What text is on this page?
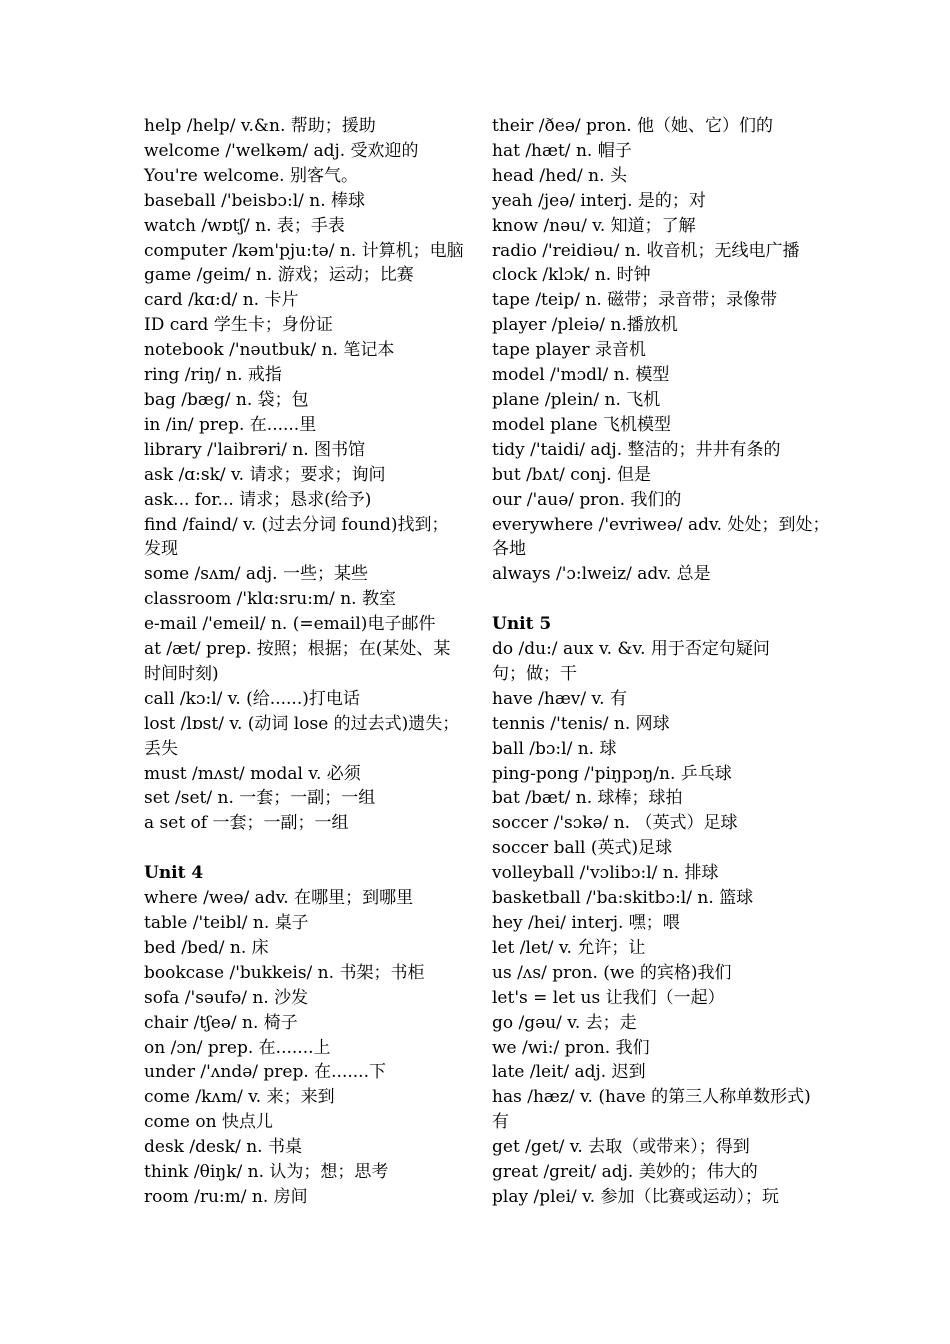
help /help/ v.&n. 帮助；援助
welcome /'welkəm/ adj. 受欢迎的
You're welcome. 别客气。
baseball /'beisbɔ:l/ n. 棒球
watch /wɒtʃ/ n. 表；手表
computer /kəm'pju:tə/ n. 计算机；电脑
game /geim/ n. 游戏；运动；比赛
card /kɑ:d/ n. 卡片
ID card 学生卡；身份证
notebook /'nəutbuk/ n. 笔记本
ring /riŋ/ n. 戒指
bag /bæg/ n. 袋；包
in /in/ prep. 在......里
library /'laibrəri/ n. 图书馆
ask /ɑ:sk/ v. 请求；要求；询问
ask... for... 请求；恳求(给予)
find /faind/ v. (过去分词 found)找到；
发现
some /sʌm/ adj. 一些；某些
classroom /'klɑ:sru:m/ n. 教室
e-mail /'emeil/ n. (=email)电子邮件
at /æt/ prep. 按照；根据；在(某处、某
时间时刻)
call /kɔ:l/ v. (给......)打电话
lost /lɒst/ v. (动词 lose 的过去式)遗失；
丢失
must /mʌst/ modal v. 必须
set /set/ n. 一套；一副；一组
a set of 一套；一副；一组
Unit 4
where /weə/ adv. 在哪里；到哪里
table /'teibl/ n. 桌子
bed /bed/ n. 床
bookcase /'bukkeis/ n. 书架；书柜
sofa /'səufə/ n. 沙发
chair /tʃeə/ n. 椅子
on /ɔn/ prep. 在.......上
under /'ʌndə/ prep. 在.......下
come /kʌm/ v. 来；来到
come on 快点儿
desk /desk/ n. 书桌
think /θiŋk/ n. 认为；想；思考
room /ru:m/ n. 房间
their /ðeə/ pron. 他（她、它）们的
hat /hæt/ n. 帽子
head /hed/ n. 头
yeah /jeə/ interj. 是的；对
know /nəu/ v. 知道；了解
radio /'reidiəu/ n. 收音机；无线电广播
clock /klɔk/ n. 时钟
tape /teip/ n. 磁带；录音带；录像带
player /pleiə/ n.播放机
tape player 录音机
model /'mɔdl/ n. 模型
plane /plein/ n. 飞机
model plane 飞机模型
tidy /'taidi/ adj. 整洁的；井井有条的
but /bʌt/ conj. 但是
our /'auə/ pron. 我们的
everywhere /'evriweə/ adv. 处处；到处；
各地
always /'ɔ:lweiz/ adv. 总是
Unit 5
do /du:/ aux v. &v. 用于否定句疑问
句；做；干
have /hæv/ v. 有
tennis /'tenis/ n. 网球
ball /bɔ:l/ n. 球
ping-pong /'piŋpɔŋ/n. 乒乓球
bat /bæt/ n. 球棒；球拍
soccer /'sɔkə/ n. （英式）足球
soccer ball (英式)足球
volleyball /'vɔlibɔ:l/ n. 排球
basketball /'ba:skitbɔ:l/ n. 篮球
hey /hei/ interj. 嘿；喂
let /let/ v. 允许；让
us /ʌs/ pron. (we 的宾格)我们
let's = let us 让我们（一起）
go /gəu/ v. 去；走
we /wi:/ pron. 我们
late /leit/ adj. 迟到
has /hæz/ v. (have 的第三人称单数形式)
有
get /get/ v. 去取（或带来）；得到
great /greit/ adj. 美妙的；伟大的
play /plei/ v. 参加（比赛或运动）；玩
